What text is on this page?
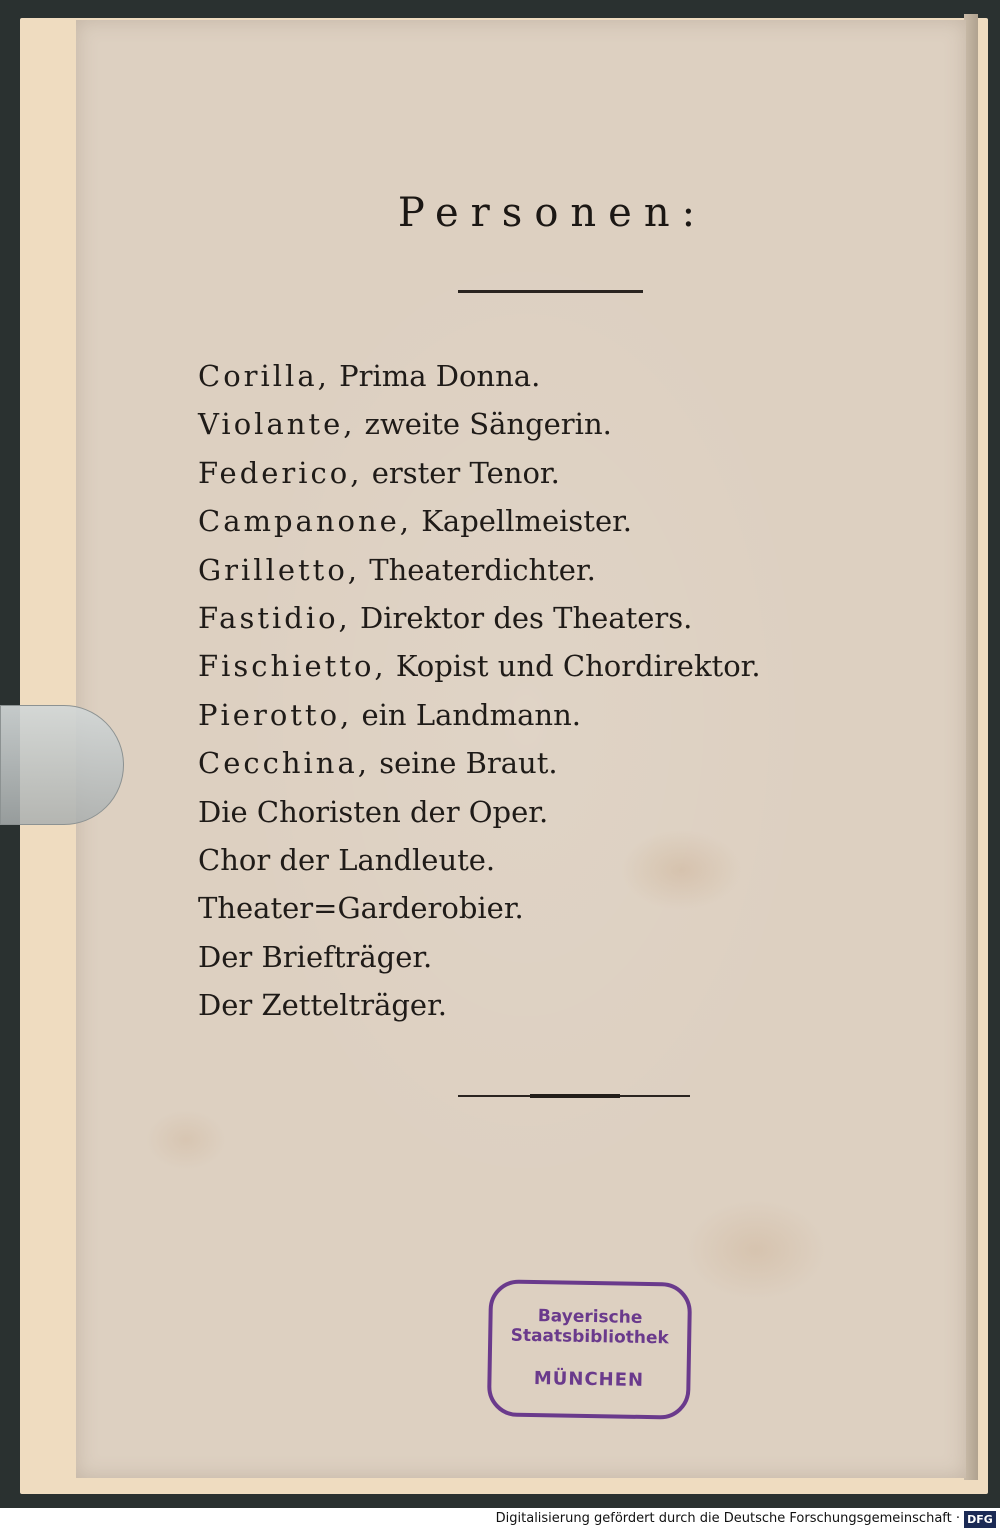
Personen:
Corilla, Prima Donna.
Violante, zweite Sängerin.
Federico, erster Tenor.
Campanone, Kapellmeister.
Grilletto, Theaterdichter.
Fastidio, Direktor des Theaters.
Fischietto, Kopist und Chordirektor.
Pierotto, ein Landmann.
Cecchina, seine Braut.
Die Choristen der Oper.
Chor der Landleute.
Theater=Garderobier.
Der Briefträger.
Der Zettelträger.
Bayerische
Staatsbibliothek
MÜNCHEN
Digitalisierung gefördert durch die Deutsche Forschungsgemeinschaft · DFG
